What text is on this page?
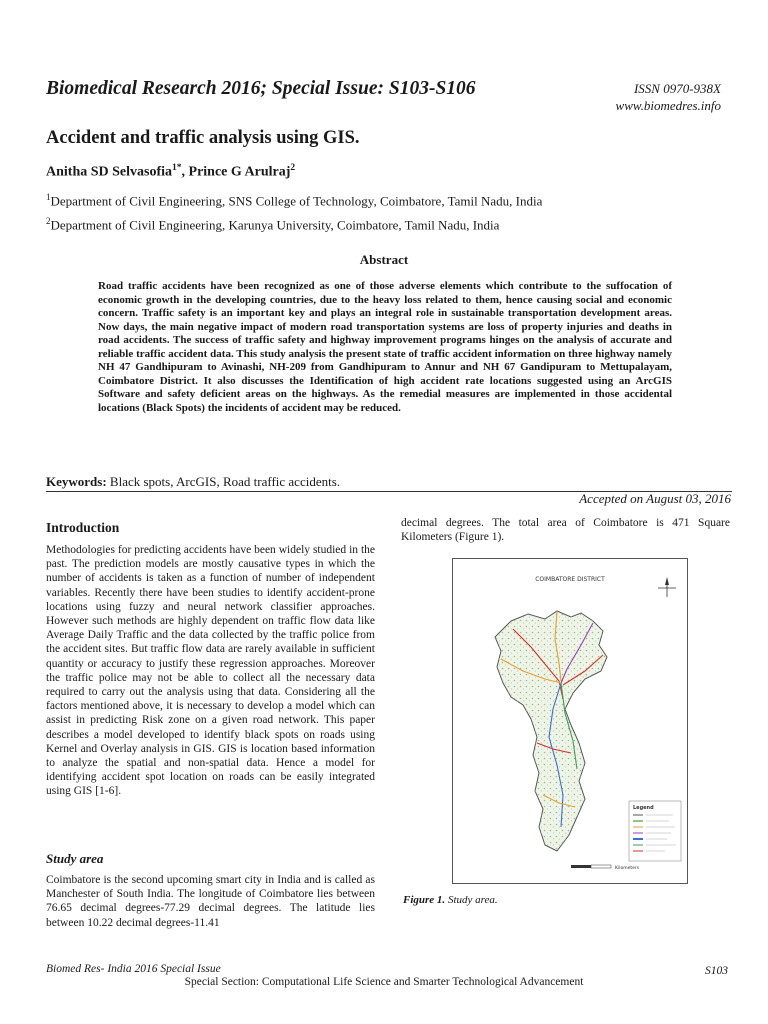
Biomedical Research 2016; Special Issue: S103-S106	ISSN 0970-938X
www.biomedres.info
Accident and traffic analysis using GIS.
Anitha SD Selvasofia$^{1*}$, Prince G Arulraj$^2$
$^1$Department of Civil Engineering, SNS College of Technology, Coimbatore, Tamil Nadu, India
$^2$Department of Civil Engineering, Karunya University, Coimbatore, Tamil Nadu, India
Abstract

Road traffic accidents have been recognized as one of those adverse elements which contribute to the suffocation of economic growth in the developing countries, due to the heavy loss related to them, hence causing social and economic concern. Traffic safety is an important key and plays an integral role in sustainable transportation development areas. Now days, the main negative impact of modern road transportation systems are loss of property injuries and deaths in road accidents. The success of traffic safety and highway improvement programs hinges on the analysis of accurate and reliable traffic accident data. This study analysis the present state of traffic accident information on three highway namely NH 47 Gandhipuram to Avinashi, NH-209 from Gandhipuram to Annur and NH 67 Gandipuram to Mettupalayam, Coimbatore District. It also discusses the Identification of high accident rate locations suggested using an ArcGIS Software and safety deficient areas on the highways. As the remedial measures are implemented in those accidental locations (Black Spots) the incidents of accident may be reduced.

Keywords: Black spots, ArcGIS, Road traffic accidents.
Accepted on August 03, 2016
Introduction

Methodologies for predicting accidents have been widely studied in the past. The prediction models are mostly causative types in which the number of accidents is taken as a function of number of independent variables. Recently there have been studies to identify accident-prone locations using fuzzy and neural network classifier approaches. However such methods are highly dependent on traffic flow data like Average Daily Traffic and the data collected by the traffic police from the accident sites. But traffic flow data are rarely available in sufficient quantity or accuracy to justify these regression approaches. Moreover the traffic police may not be able to collect all the necessary data required to carry out the analysis using that data. Considering all the factors mentioned above, it is necessary to develop a model which can assist in predicting Risk zone on a given road network. This paper describes a model developed to identify black spots on roads using Kernel and Overlay analysis in GIS. GIS is location based information to analyze the spatial and non-spatial data. Hence a model for identifying accident spot location on roads can be easily integrated using GIS [1-6].

Study area

Coimbatore is the second upcoming smart city in India and is called as Manchester of South India. The longitude of Coimbatore lies between 76.65 decimal degrees-77.29 decimal degrees. The latitude lies between 10.22 decimal degrees-11.41

decimal degrees. The total area of Coimbatore is 471 Square Kilometers (Figure 1).

COIMBATORE DISTRICT
Legend
Kilometers
Figure 1. Study area.
Biomed Res- India 2016 Special Issue	S103
Special Section: Computational Life Science and Smarter Technological Advancement
